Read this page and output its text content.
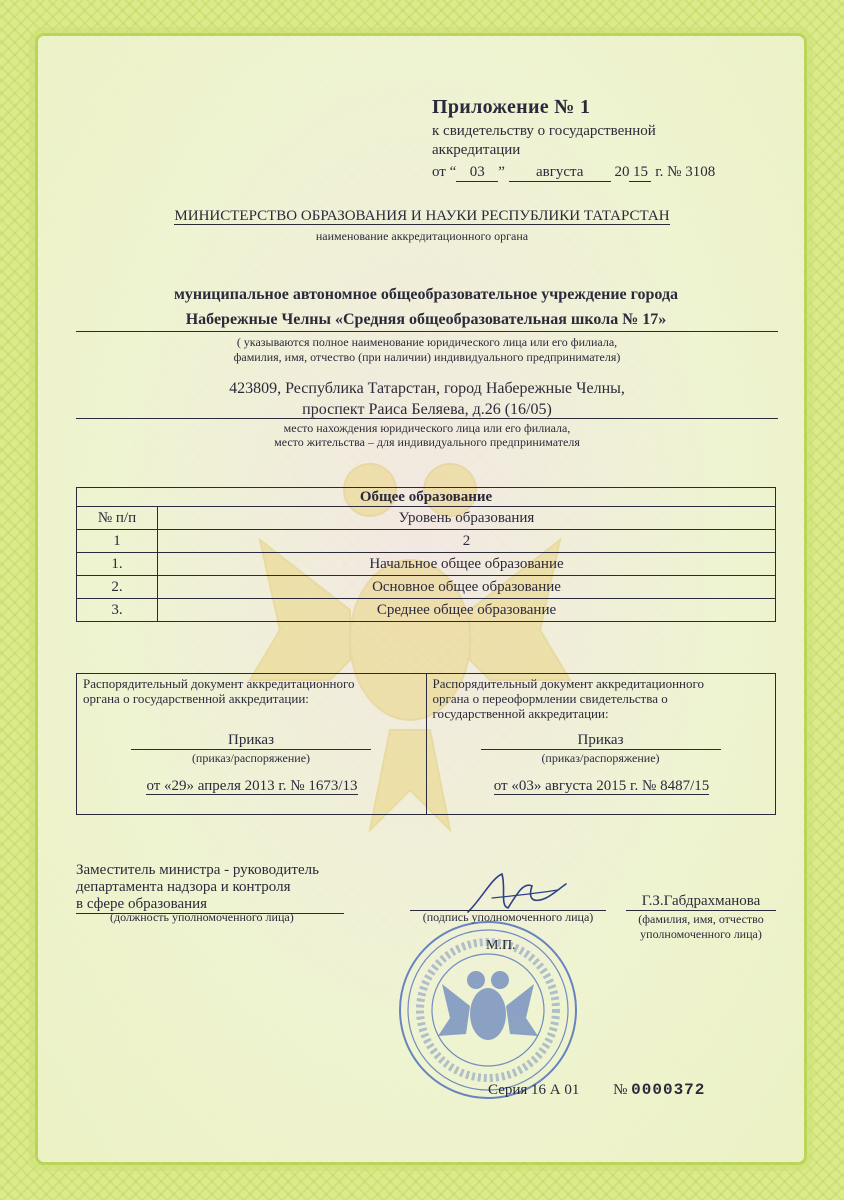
Приложение № 1
к свидетельству о государственной аккредитации
от “ 03 ” августа 20 15 г. № 3108
МИНИСТЕРСТВО ОБРАЗОВАНИЯ И НАУКИ РЕСПУБЛИКИ ТАТАРСТАН
наименование аккредитационного органа
муниципальное автономное общеобразовательное учреждение города
Набережные Челны «Средняя общеобразовательная школа № 17»
( указываются полное наименование юридического лица или его филиала,
фамилия, имя, отчество (при наличии) индивидуального предпринимателя)
423809, Республика Татарстан, город Набережные Челны,
проспект Раиса Беляева, д.26 (16/05)
место нахождения юридического лица или его филиала,
место жительства – для индивидуального предпринимателя
Общее образование	
№ п/п	Уровень образования
1	2
1.	Начальное общее образование
2.	Основное общее образование
3.	Среднее общее образование
Распорядительный документ аккредитационного
органа о государственной аккредитации:
Приказ
(приказ/распоряжение)
от «29» апреля 2013 г. № 1673/13
Распорядительный документ аккредитационного
органа о переоформлении свидетельства о
государственной аккредитации:
Приказ
(приказ/распоряжение)
от «03» августа 2015 г. № 8487/15
Заместитель министра - руководитель
департамента надзора и контроля
в сфере образования
(должность уполномоченного лица)	(подпись уполномоченного лица)
М.П.
Г.З.Габдрахманова
(фамилия, имя, отчество
уполномоченного лица)
Серия 16 А 01 № 0000372
